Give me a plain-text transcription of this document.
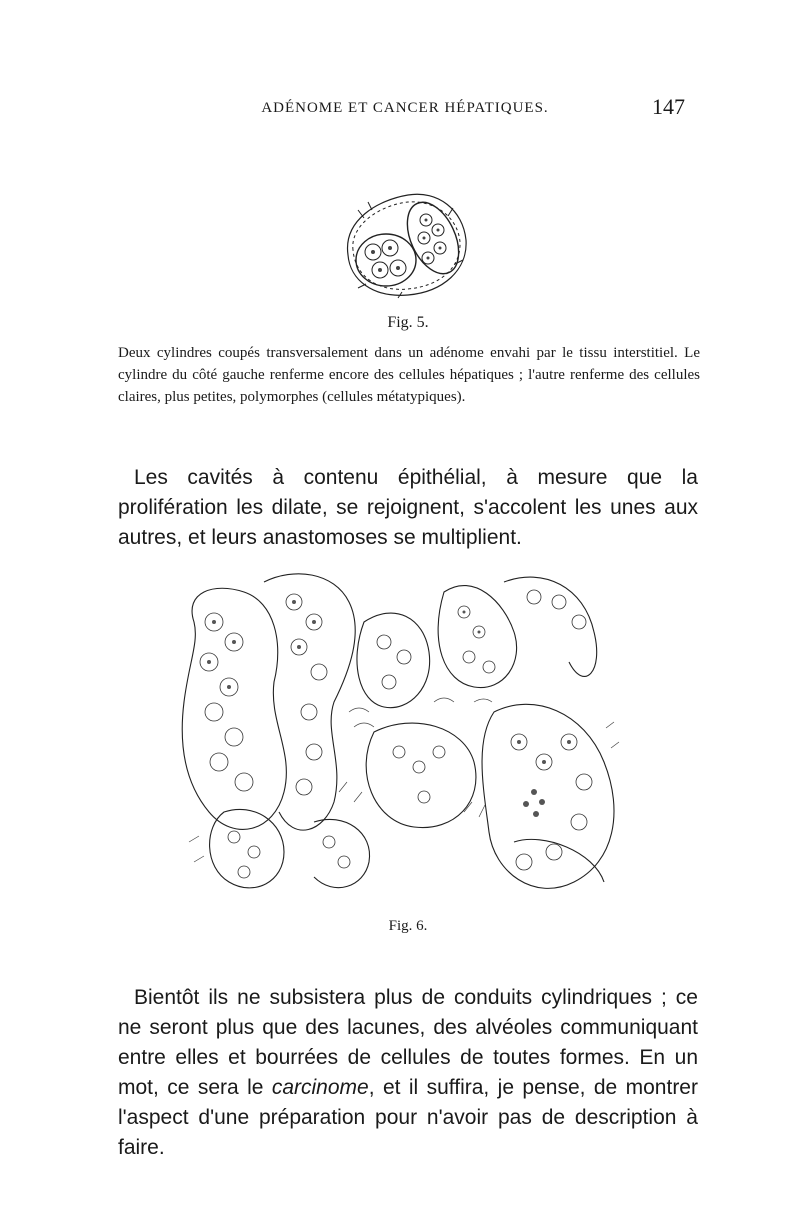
ADÉNOME ET CANCER HÉPATIQUES.	147
Fig. 5.

Deux cylindres coupés transversalement dans un adénome envahi par le tissu interstitiel. Le cylindre du côté gauche renferme encore des cellules hépatiques ; l'autre renferme des cellules claires, plus petites, polymorphes (cellules métatypiques).

Les cavités à contenu épithélial, à mesure que la prolifération les dilate, se rejoignent, s'accolent les unes aux autres, et leurs anastomoses se multiplient.

Fig. 6.

Bientôt ils ne subsistera plus de conduits cylindriques ; ce ne seront plus que des lacunes, des alvéoles communiquant entre elles et bourrées de cellules de toutes formes. En un mot, ce sera le carcinome, et il suffira, je pense, de montrer l'aspect d'une préparation pour n'avoir pas de description à faire.
